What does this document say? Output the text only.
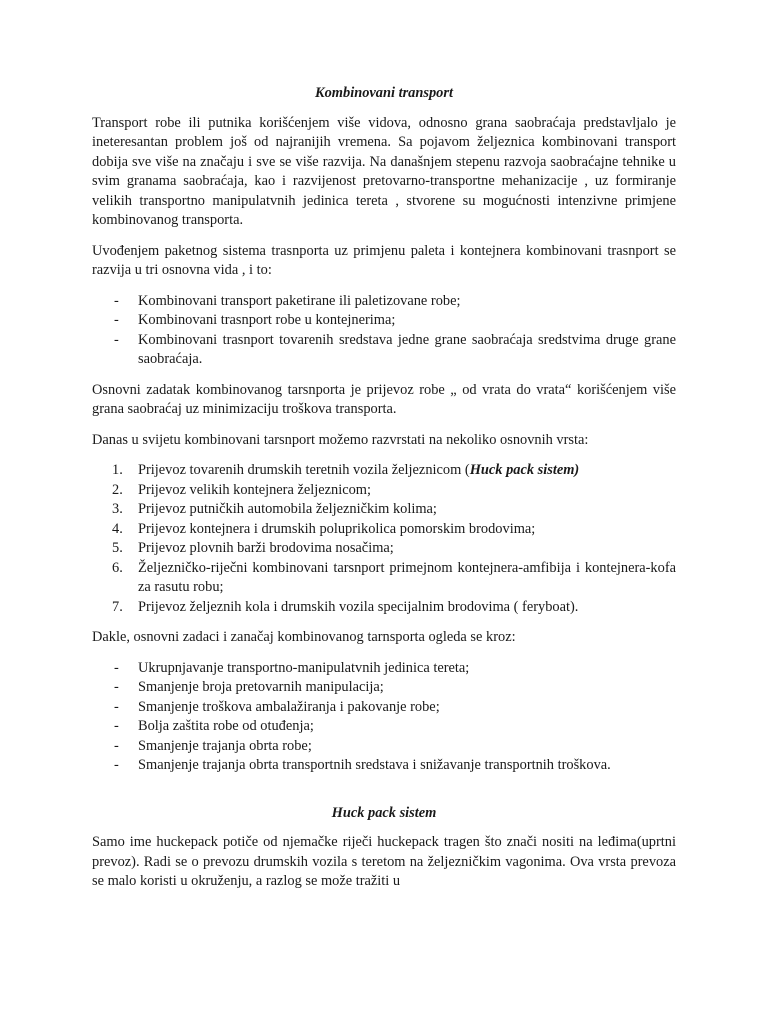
Kombinovani transport

Transport robe ili putnika korišćenjem više vidova, odnosno grana saobraćaja predstavljalo je ineteresantan problem još od najranijih vremena. Sa pojavom željeznica kombinovani transport dobija sve više na značaju i sve se više razvija. Na današnjem stepenu razvoja saobraćajne tehnike u svim granama saobraćaja, kao i razvijenost pretovarno-transportne mehanizacije , uz formiranje velikih transportno manipulatvnih jedinica tereta , stvorene su mogućnosti intenzivne primjene kombinovanog transporta.

Uvođenjem paketnog sistema trasnporta uz primjenu paleta i kontejnera kombinovani trasnport se razvija u tri osnovna vida , i to:

- Kombinovani transport paketirane ili paletizovane robe;
- Kombinovani trasnport robe u kontejnerima;
- Kombinovani trasnport tovarenih sredstava jedne grane saobraćaja sredstvima druge grane saobraćaja.

Osnovni zadatak kombinovanog tarsnporta je prijevoz robe „ od vrata do vrata“ korišćenjem više grana saobraćaj uz minimizaciju troškova transporta.

Danas u svijetu kombinovani tarsnport možemo razvrstati na nekoliko osnovnih vrsta:

1. Prijevoz tovarenih drumskih teretnih vozila željeznicom (Huck pack sistem)
2. Prijevoz velikih kontejnera željeznicom;
3. Prijevoz putničkih automobila željezničkim kolima;
4. Prijevoz kontejnera i drumskih poluprikolica pomorskim brodovima;
5. Prijevoz plovnih barži brodovima nosačima;
6. Željezničko-riječni kombinovani tarsnport primejnom kontejnera-amfibija i kontejnera-kofa za rasutu robu;
7. Prijevoz željeznih kola i drumskih vozila specijalnim brodovima ( feryboat).

Dakle, osnovni zadaci i zanačaj kombinovanog tarnsporta ogleda se kroz:

- Ukrupnjavanje transportno-manipulatvnih jedinica tereta;
- Smanjenje broja pretovarnih manipulacija;
- Smanjenje troškova ambalažiranja i pakovanje robe;
- Bolja zaštita robe od otuđenja;
- Smanjenje trajanja obrta robe;
- Smanjenje trajanja obrta transportnih sredstava i snižavanje transportnih troškova.
Huck pack sistem

Samo ime huckepack potiče od njemačke riječi huckepack tragen što znači nositi na leđima(uprtni prevoz). Radi se o prevozu drumskih vozila s teretom na željezničkim vagonima. Ova vrsta prevoza se malo koristi u okruženju, a razlog se može tražiti u
